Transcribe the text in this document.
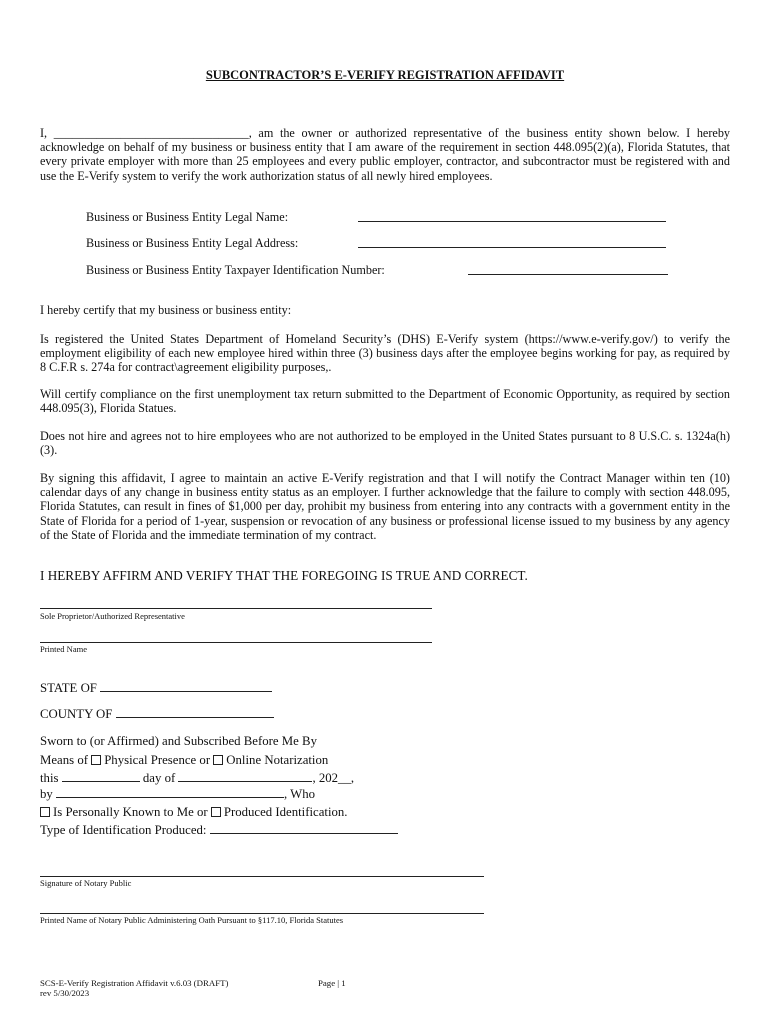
SUBCONTRACTOR’S E-VERIFY REGISTRATION AFFIDAVIT
I, ________________________________, am the owner or authorized representative of the business entity shown below. I hereby acknowledge on behalf of my business or business entity that I am aware of the requirement in section 448.095(2)(a), Florida Statutes, that every private employer with more than 25 employees and every public employer, contractor, and subcontractor must be registered with and use the E-Verify system to verify the work authorization status of all newly hired employees.
Business or Business Entity Legal Name:
Business or Business Entity Legal Address:
Business or Business Entity Taxpayer Identification Number:
I hereby certify that my business or business entity:
Is registered the United States Department of Homeland Security’s (DHS) E-Verify system (https://www.e-verify.gov/) to verify the employment eligibility of each new employee hired within three (3) business days after the employee begins working for pay, as required by 8 C.F.R s. 274a for contract\agreement eligibility purposes,.
Will certify compliance on the first unemployment tax return submitted to the Department of Economic Opportunity, as required by section 448.095(3), Florida Statues.
Does not hire and agrees not to hire employees who are not authorized to be employed in the United States pursuant to 8 U.S.C. s. 1324a(h)(3).
By signing this affidavit, I agree to maintain an active E-Verify registration and that I will notify the Contract Manager within ten (10) calendar days of any change in business entity status as an employer. I further acknowledge that the failure to comply with section 448.095, Florida Statutes, can result in fines of $1,000 per day, prohibit my business from entering into any contracts with a government entity in the State of Florida for a period of 1-year, suspension or revocation of any business or professional license issued to my business by any agency of the State of Florida and the immediate termination of my contract.
I HEREBY AFFIRM AND VERIFY THAT THE FOREGOING IS TRUE AND CORRECT.
Sole Proprietor/Authorized Representative
Printed Name
STATE OF
COUNTY OF
Sworn to (or Affirmed) and Subscribed Before Me By
Means of Physical Presence or Online Notarization
this	day of	, 202__,
by	, Who
Is Personally Known to Me or Produced Identification.
Type of Identification Produced:
Signature of Notary Public
Printed Name of Notary Public Administering Oath Pursuant to §117.10, Florida Statutes
SCS-E-Verify Registration Affidavit v.6.03 (DRAFT)
rev 5/30/2023
Page | 1
